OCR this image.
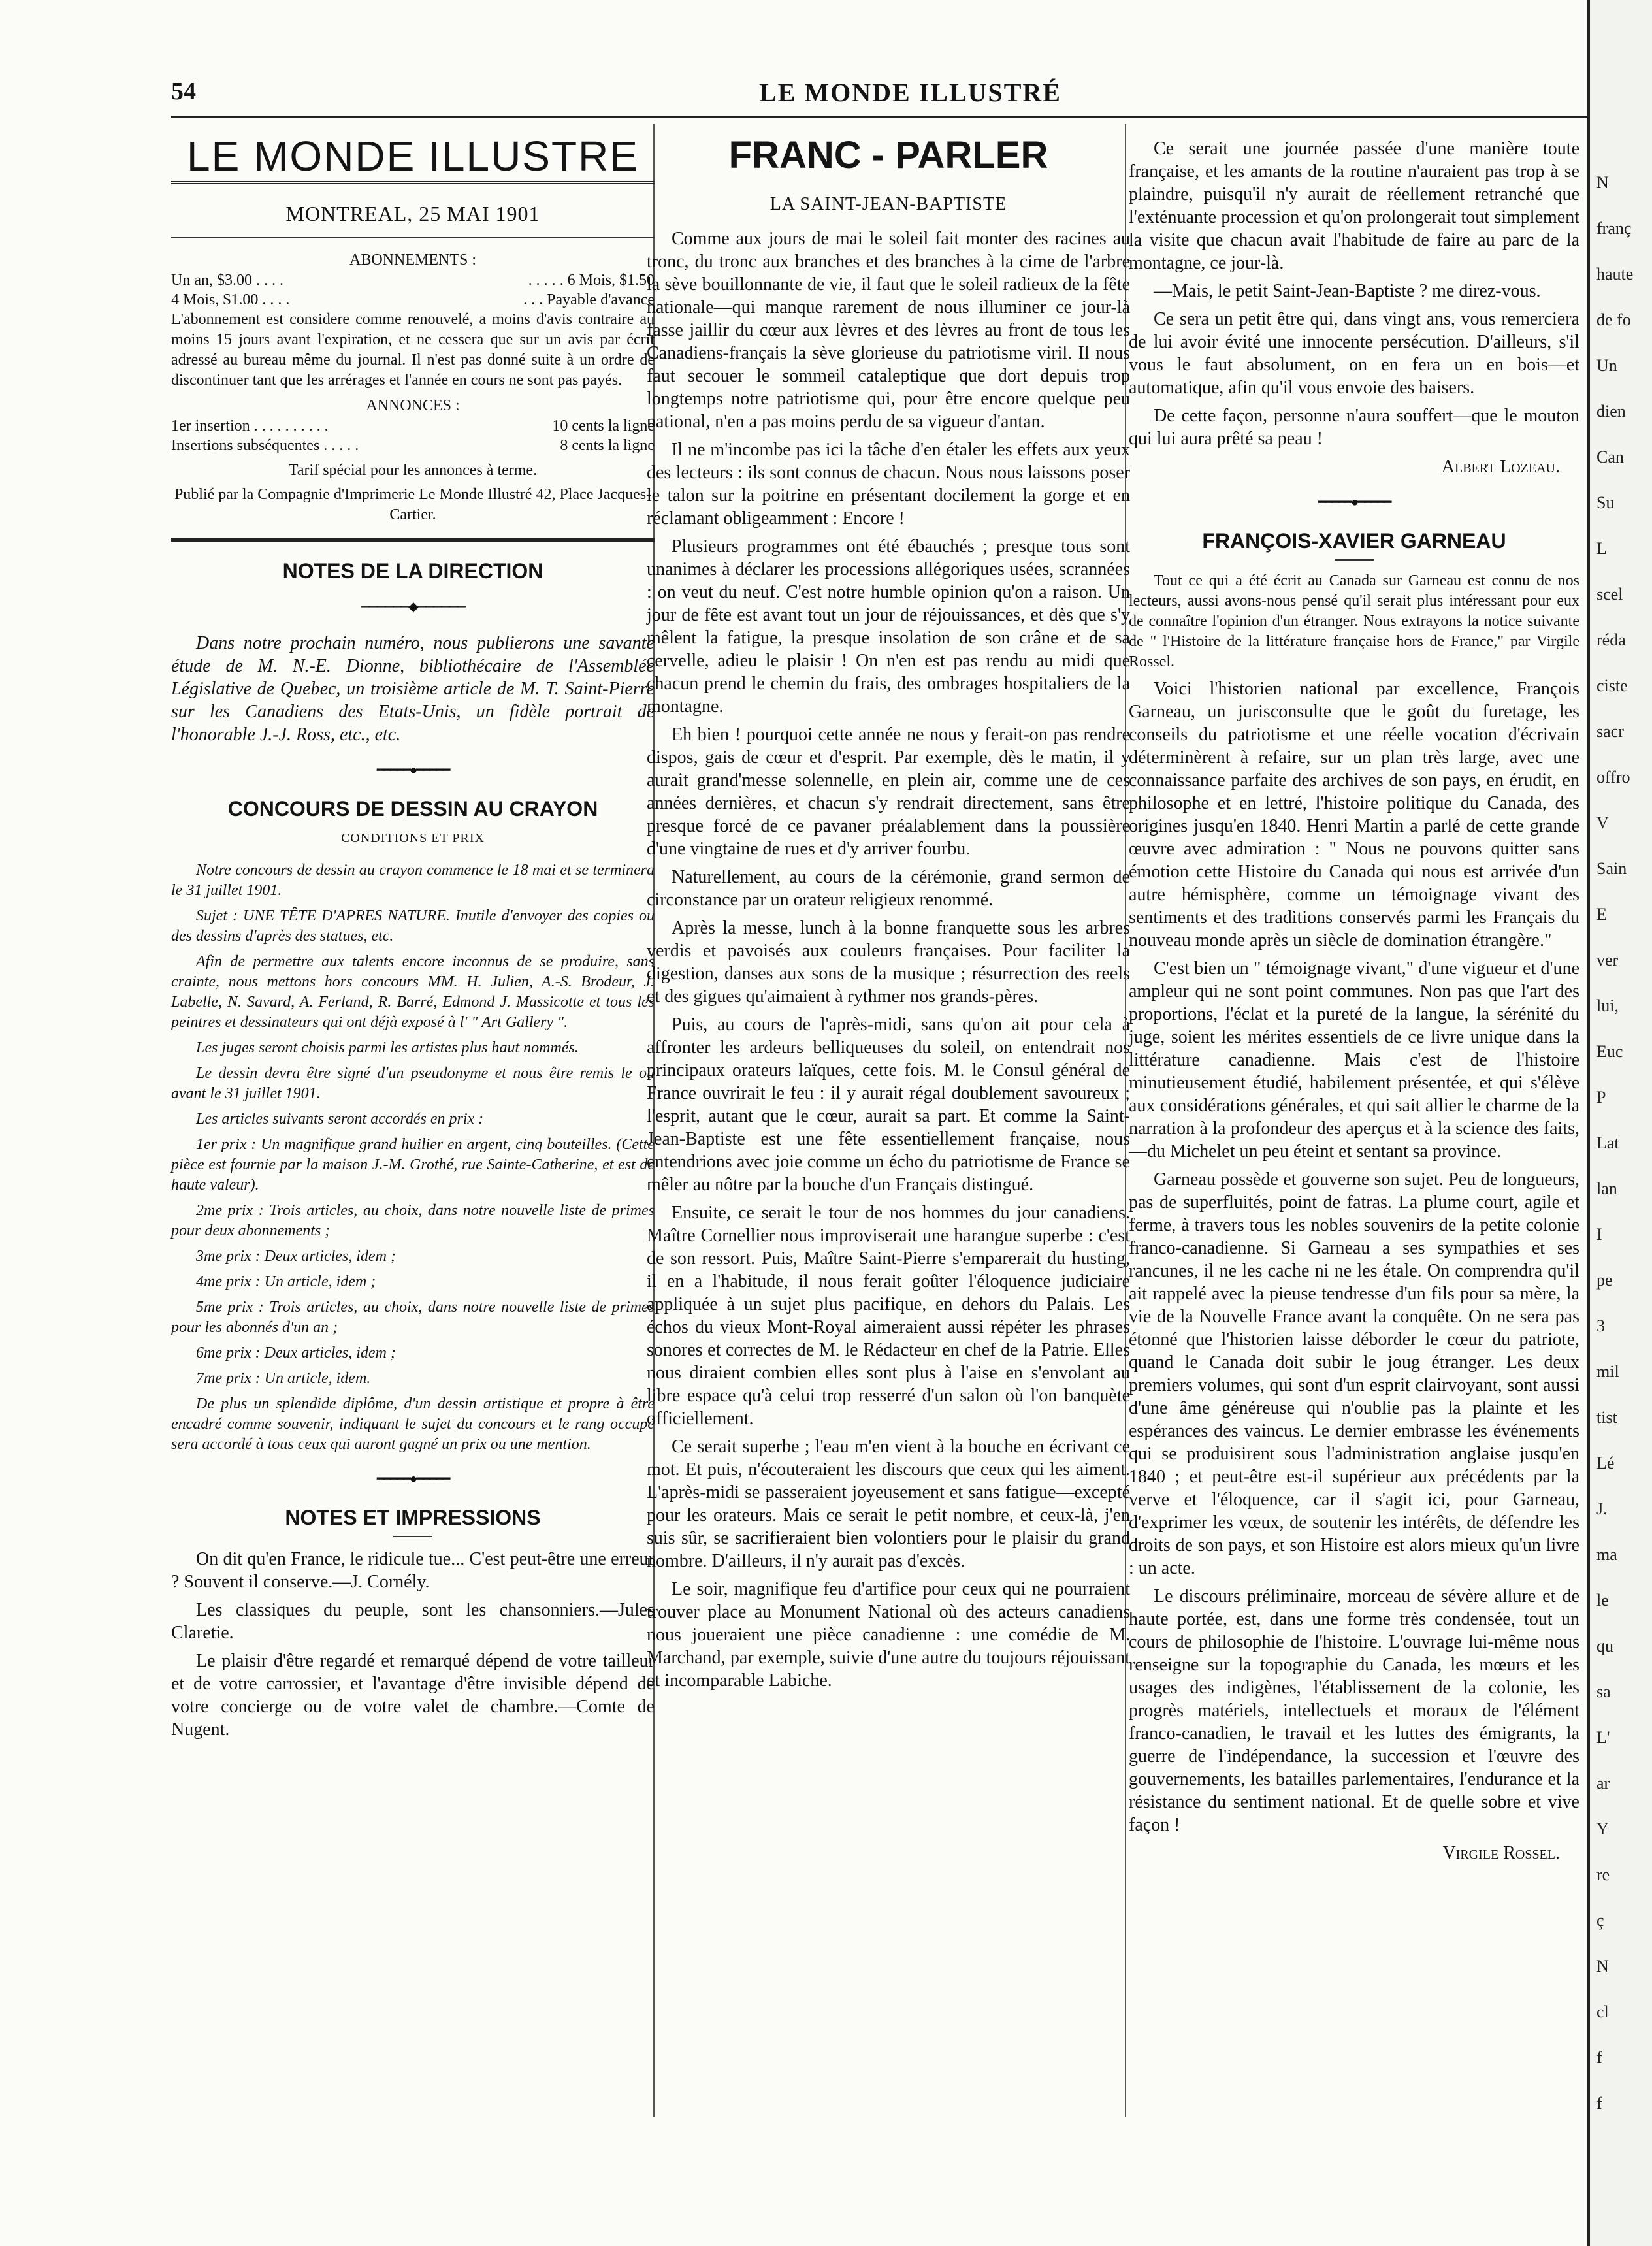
54	LE MONDE ILLUSTRÉ
LE MONDE ILLUSTRE
MONTREAL, 25 MAI 1901
ABONNEMENTS :
Un an, $3.00 . . . .	. . . . . 6 Mois, $1.50
4 Mois, $1.00 . . . .	. . . Payable d'avance

L'abonnement est considere comme renouvelé, a moins d'avis contraire au moins 15 jours avant l'expiration, et ne cessera que sur un avis par écrit adressé au bureau même du journal. Il n'est pas donné suite à un ordre de discontinuer tant que les arrérages et l'année en cours ne sont pas payés.

ANNONCES :
1er insertion . . . . . . . . . .	10 cents la ligne
Insertions subséquentes . . . . .	8 cents la ligne
Tarif spécial pour les annonces à terme.
Publié par la Compagnie d'Imprimerie Le Monde Illustré 42, Place Jacques-Cartier.
NOTES DE LA DIRECTION
──────◆──────

Dans notre prochain numéro, nous publierons une savante étude de M. N.-E. Dionne, bibliothécaire de l'Assemblée Législative de Quebec, un troisième article de M. T. Saint-Pierre sur les Canadiens des Etats-Unis, un fidèle portrait de l'honorable J.-J. Ross, etc., etc.

━━━━━●━━━━━
CONCOURS DE DESSIN AU CRAYON
CONDITIONS ET PRIX

Notre concours de dessin au crayon commence le 18 mai et se terminera le 31 juillet 1901.

Sujet : UNE TÊTE D'APRES NATURE. Inutile d'envoyer des copies ou des dessins d'après des statues, etc.

Afin de permettre aux talents encore inconnus de se produire, sans crainte, nous mettons hors concours MM. H. Julien, A.-S. Brodeur, J. Labelle, N. Savard, A. Ferland, R. Barré, Edmond J. Massicotte et tous les peintres et dessinateurs qui ont déjà exposé à l' " Art Gallery ".

Les juges seront choisis parmi les artistes plus haut nommés.

Le dessin devra être signé d'un pseudonyme et nous être remis le ou avant le 31 juillet 1901.

Les articles suivants seront accordés en prix :

1er prix : Un magnifique grand huilier en argent, cinq bouteilles. (Cette pièce est fournie par la maison J.-M. Grothé, rue Sainte-Catherine, et est de haute valeur).

2me prix : Trois articles, au choix, dans notre nouvelle liste de primes pour deux abonnements ;

3me prix : Deux articles, idem ;

4me prix : Un article, idem ;

5me prix : Trois articles, au choix, dans notre nouvelle liste de primes pour les abonnés d'un an ;

6me prix : Deux articles, idem ;

7me prix : Un article, idem.

De plus un splendide diplôme, d'un dessin artistique et propre à être encadré comme souvenir, indiquant le sujet du concours et le rang occupé sera accordé à tous ceux qui auront gagné un prix ou une mention.

━━━━━●━━━━━
NOTES ET IMPRESSIONS

On dit qu'en France, le ridicule tue... C'est peut-être une erreur ? Souvent il conserve.—J. Cornély.

Les classiques du peuple, sont les chansonniers.—Jules Claretie.

Le plaisir d'être regardé et remarqué dépend de votre tailleur et de votre carrossier, et l'avantage d'être invisible dépend de votre concierge ou de votre valet de chambre.—Comte de Nugent.

FRANC - PARLER
LA SAINT-JEAN-BAPTISTE

Comme aux jours de mai le soleil fait monter des racines au tronc, du tronc aux branches et des branches à la cime de l'arbre la sève bouillonnante de vie, il faut que le soleil radieux de la fête nationale—qui manque rarement de nous illuminer ce jour-là fasse jaillir du cœur aux lèvres et des lèvres au front de tous les Canadiens-français la sève glorieuse du patriotisme viril. Il nous faut secouer le sommeil cataleptique que dort depuis trop longtemps notre patriotisme qui, pour être encore quelque peu national, n'en a pas moins perdu de sa vigueur d'antan.

Il ne m'incombe pas ici la tâche d'en étaler les effets aux yeux des lecteurs : ils sont connus de chacun. Nous nous laissons poser le talon sur la poitrine en présentant docilement la gorge et en réclamant obligeamment : Encore !

Plusieurs programmes ont été ébauchés ; presque tous sont unanimes à déclarer les processions allégoriques usées, scrannées : on veut du neuf. C'est notre humble opinion qu'on a raison. Un jour de fête est avant tout un jour de réjouissances, et dès que s'y mêlent la fatigue, la presque insolation de son crâne et de sa cervelle, adieu le plaisir ! On n'en est pas rendu au midi que chacun prend le chemin du frais, des ombrages hospitaliers de la montagne.

Eh bien ! pourquoi cette année ne nous y ferait-on pas rendre dispos, gais de cœur et d'esprit. Par exemple, dès le matin, il y aurait grand'messe solennelle, en plein air, comme une de ces années dernières, et chacun s'y rendrait directement, sans être presque forcé de ce pavaner préalablement dans la poussière d'une vingtaine de rues et d'y arriver fourbu.

Naturellement, au cours de la cérémonie, grand sermon de circonstance par un orateur religieux renommé.

Après la messe, lunch à la bonne franquette sous les arbres verdis et pavoisés aux couleurs françaises. Pour faciliter la digestion, danses aux sons de la musique ; résurrection des reels et des gigues qu'aimaient à rythmer nos grands-pères.

Puis, au cours de l'après-midi, sans qu'on ait pour cela à affronter les ardeurs belliqueuses du soleil, on entendrait nos principaux orateurs laïques, cette fois. M. le Consul général de France ouvrirait le feu : il y aurait régal doublement savoureux ; l'esprit, autant que le cœur, aurait sa part. Et comme la Saint-Jean-Baptiste est une fête essentiellement française, nous entendrions avec joie comme un écho du patriotisme de France se mêler au nôtre par la bouche d'un Français distingué.

Ensuite, ce serait le tour de nos hommes du jour canadiens. Maître Cornellier nous improviserait une harangue superbe : c'est de son ressort. Puis, Maître Saint-Pierre s'emparerait du husting, il en a l'habitude, il nous ferait goûter l'éloquence judiciaire appliquée à un sujet plus pacifique, en dehors du Palais. Les échos du vieux Mont-Royal aimeraient aussi répéter les phrases sonores et correctes de M. le Rédacteur en chef de la Patrie. Elles nous diraient combien elles sont plus à l'aise en s'envolant au libre espace qu'à celui trop resserré d'un salon où l'on banquète officiellement.

Ce serait superbe ; l'eau m'en vient à la bouche en écrivant ce mot. Et puis, n'écouteraient les discours que ceux qui les aiment. L'après-midi se passeraient joyeusement et sans fatigue—excepté pour les orateurs. Mais ce serait le petit nombre, et ceux-là, j'en suis sûr, se sacrifieraient bien volontiers pour le plaisir du grand nombre. D'ailleurs, il n'y aurait pas d'excès.

Le soir, magnifique feu d'artifice pour ceux qui ne pourraient trouver place au Monument National où des acteurs canadiens nous joueraient une pièce canadienne : une comédie de M. Marchand, par exemple, suivie d'une autre du toujours réjouissant et incomparable Labiche.

Ce serait une journée passée d'une manière toute française, et les amants de la routine n'auraient pas trop à se plaindre, puisqu'il n'y aurait de réellement retranché que l'exténuante procession et qu'on prolongerait tout simplement la visite que chacun avait l'habitude de faire au parc de la montagne, ce jour-là.

—Mais, le petit Saint-Jean-Baptiste ? me direz-vous.

Ce sera un petit être qui, dans vingt ans, vous remerciera de lui avoir évité une innocente persécution. D'ailleurs, s'il vous le faut absolument, on en fera un en bois—et automatique, afin qu'il vous envoie des baisers.

De cette façon, personne n'aura souffert—que le mouton qui lui aura prêté sa peau !

Albert Lozeau.
━━━━━●━━━━━
FRANÇOIS-XAVIER GARNEAU

Tout ce qui a été écrit au Canada sur Garneau est connu de nos lecteurs, aussi avons-nous pensé qu'il serait plus intéressant pour eux de connaître l'opinion d'un étranger. Nous extrayons la notice suivante de " l'Histoire de la littérature française hors de France," par Virgile Rossel.

Voici l'historien national par excellence, François Garneau, un jurisconsulte que le goût du furetage, les conseils du patriotisme et une réelle vocation d'écrivain déterminèrent à refaire, sur un plan très large, avec une connaissance parfaite des archives de son pays, en érudit, en philosophe et en lettré, l'histoire politique du Canada, des origines jusqu'en 1840. Henri Martin a parlé de cette grande œuvre avec admiration : " Nous ne pouvons quitter sans émotion cette Histoire du Canada qui nous est arrivée d'un autre hémisphère, comme un témoignage vivant des sentiments et des traditions conservés parmi les Français du nouveau monde après un siècle de domination étrangère."

C'est bien un " témoignage vivant," d'une vigueur et d'une ampleur qui ne sont point communes. Non pas que l'art des proportions, l'éclat et la pureté de la langue, la sérénité du juge, soient les mérites essentiels de ce livre unique dans la littérature canadienne. Mais c'est de l'histoire minutieusement étudié, habilement présentée, et qui s'élève aux considérations générales, et qui sait allier le charme de la narration à la profondeur des aperçus et à la science des faits,—du Michelet un peu éteint et sentant sa province.

Garneau possède et gouverne son sujet. Peu de longueurs, pas de superfluités, point de fatras. La plume court, agile et ferme, à travers tous les nobles souvenirs de la petite colonie franco-canadienne. Si Garneau a ses sympathies et ses rancunes, il ne les cache ni ne les étale. On comprendra qu'il ait rappelé avec la pieuse tendresse d'un fils pour sa mère, la vie de la Nouvelle France avant la conquête. On ne sera pas étonné que l'historien laisse déborder le cœur du patriote, quand le Canada doit subir le joug étranger. Les deux premiers volumes, qui sont d'un esprit clairvoyant, sont aussi d'une âme généreuse qui n'oublie pas la plainte et les espérances des vaincus. Le dernier embrasse les événements qui se produisirent sous l'administration anglaise jusqu'en 1840 ; et peut-être est-il supérieur aux précédents par la verve et l'éloquence, car il s'agit ici, pour Garneau, d'exprimer les vœux, de soutenir les intérêts, de défendre les droits de son pays, et son Histoire est alors mieux qu'un livre : un acte.

Le discours préliminaire, morceau de sévère allure et de haute portée, est, dans une forme très condensée, tout un cours de philosophie de l'histoire. L'ouvrage lui-même nous renseigne sur la topographie du Canada, les mœurs et les usages des indigènes, l'établissement de la colonie, les progrès matériels, intellectuels et moraux de l'élément franco-canadien, le travail et les luttes des émigrants, la guerre de l'indépendance, la succession et l'œuvre des gouvernements, les batailles parlementaires, l'endurance et la résistance du sentiment national. Et de quelle sobre et vive façon !

Virgile Rossel.
N
franç
haute
de fo
Un
dien
Can
Su
L
scel
réda
ciste
sacr
offro
V
Sain
E
ver
lui,
Euc
P
Lat
lan
I
pe
3
mil
tist
Lé
J.
ma
le
qu
sa
L'
ar
Y
re
ç
N
cl
f
f
